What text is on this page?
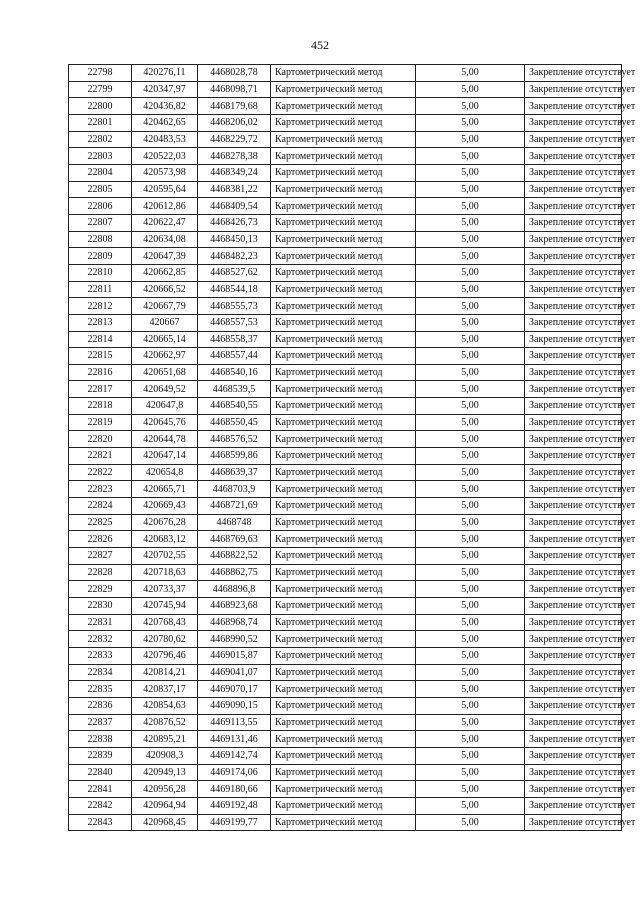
452
22798	420276,11	4468028,78	Картометрический метод	5,00	Закрепление отсутствует
22799	420347,97	4468098,71	Картометрический метод	5,00	Закрепление отсутствует
22800	420436,82	4468179,68	Картометрический метод	5,00	Закрепление отсутствует
22801	420462,65	4468206,02	Картометрический метод	5,00	Закрепление отсутствует
22802	420483,53	4468229,72	Картометрический метод	5,00	Закрепление отсутствует
22803	420522,03	4468278,38	Картометрический метод	5,00	Закрепление отсутствует
22804	420573,98	4468349,24	Картометрический метод	5,00	Закрепление отсутствует
22805	420595,64	4468381,22	Картометрический метод	5,00	Закрепление отсутствует
22806	420612,86	4468409,54	Картометрический метод	5,00	Закрепление отсутствует
22807	420622,47	4468426,73	Картометрический метод	5,00	Закрепление отсутствует
22808	420634,08	4468450,13	Картометрический метод	5,00	Закрепление отсутствует
22809	420647,39	4468482,23	Картометрический метод	5,00	Закрепление отсутствует
22810	420662,85	4468527,62	Картометрический метод	5,00	Закрепление отсутствует
22811	420666,52	4468544,18	Картометрический метод	5,00	Закрепление отсутствует
22812	420667,79	4468555,73	Картометрический метод	5,00	Закрепление отсутствует
22813	420667	4468557,53	Картометрический метод	5,00	Закрепление отсутствует
22814	420665,14	4468558,37	Картометрический метод	5,00	Закрепление отсутствует
22815	420662,97	4468557,44	Картометрический метод	5,00	Закрепление отсутствует
22816	420651,68	4468540,16	Картометрический метод	5,00	Закрепление отсутствует
22817	420649,52	4468539,5	Картометрический метод	5,00	Закрепление отсутствует
22818	420647,8	4468540,55	Картометрический метод	5,00	Закрепление отсутствует
22819	420645,76	4468550,45	Картометрический метод	5,00	Закрепление отсутствует
22820	420644,78	4468576,52	Картометрический метод	5,00	Закрепление отсутствует
22821	420647,14	4468599,86	Картометрический метод	5,00	Закрепление отсутствует
22822	420654,8	4468639,37	Картометрический метод	5,00	Закрепление отсутствует
22823	420665,71	4468703,9	Картометрический метод	5,00	Закрепление отсутствует
22824	420669,43	4468721,69	Картометрический метод	5,00	Закрепление отсутствует
22825	420676,28	4468748	Картометрический метод	5,00	Закрепление отсутствует
22826	420683,12	4468769,63	Картометрический метод	5,00	Закрепление отсутствует
22827	420702,55	4468822,52	Картометрический метод	5,00	Закрепление отсутствует
22828	420718,63	4468862,75	Картометрический метод	5,00	Закрепление отсутствует
22829	420733,37	4468896,8	Картометрический метод	5,00	Закрепление отсутствует
22830	420745,94	4468923,68	Картометрический метод	5,00	Закрепление отсутствует
22831	420768,43	4468968,74	Картометрический метод	5,00	Закрепление отсутствует
22832	420780,62	4468990,52	Картометрический метод	5,00	Закрепление отсутствует
22833	420796,46	4469015,87	Картометрический метод	5,00	Закрепление отсутствует
22834	420814,21	4469041,07	Картометрический метод	5,00	Закрепление отсутствует
22835	420837,17	4469070,17	Картометрический метод	5,00	Закрепление отсутствует
22836	420854,63	4469090,15	Картометрический метод	5,00	Закрепление отсутствует
22837	420876,52	4469113,55	Картометрический метод	5,00	Закрепление отсутствует
22838	420895,21	4469131,46	Картометрический метод	5,00	Закрепление отсутствует
22839	420908,3	4469142,74	Картометрический метод	5,00	Закрепление отсутствует
22840	420949,13	4469174,06	Картометрический метод	5,00	Закрепление отсутствует
22841	420956,28	4469180,66	Картометрический метод	5,00	Закрепление отсутствует
22842	420964,94	4469192,48	Картометрический метод	5,00	Закрепление отсутствует
22843	420968,45	4469199,77	Картометрический метод	5,00	Закрепление отсутствует
